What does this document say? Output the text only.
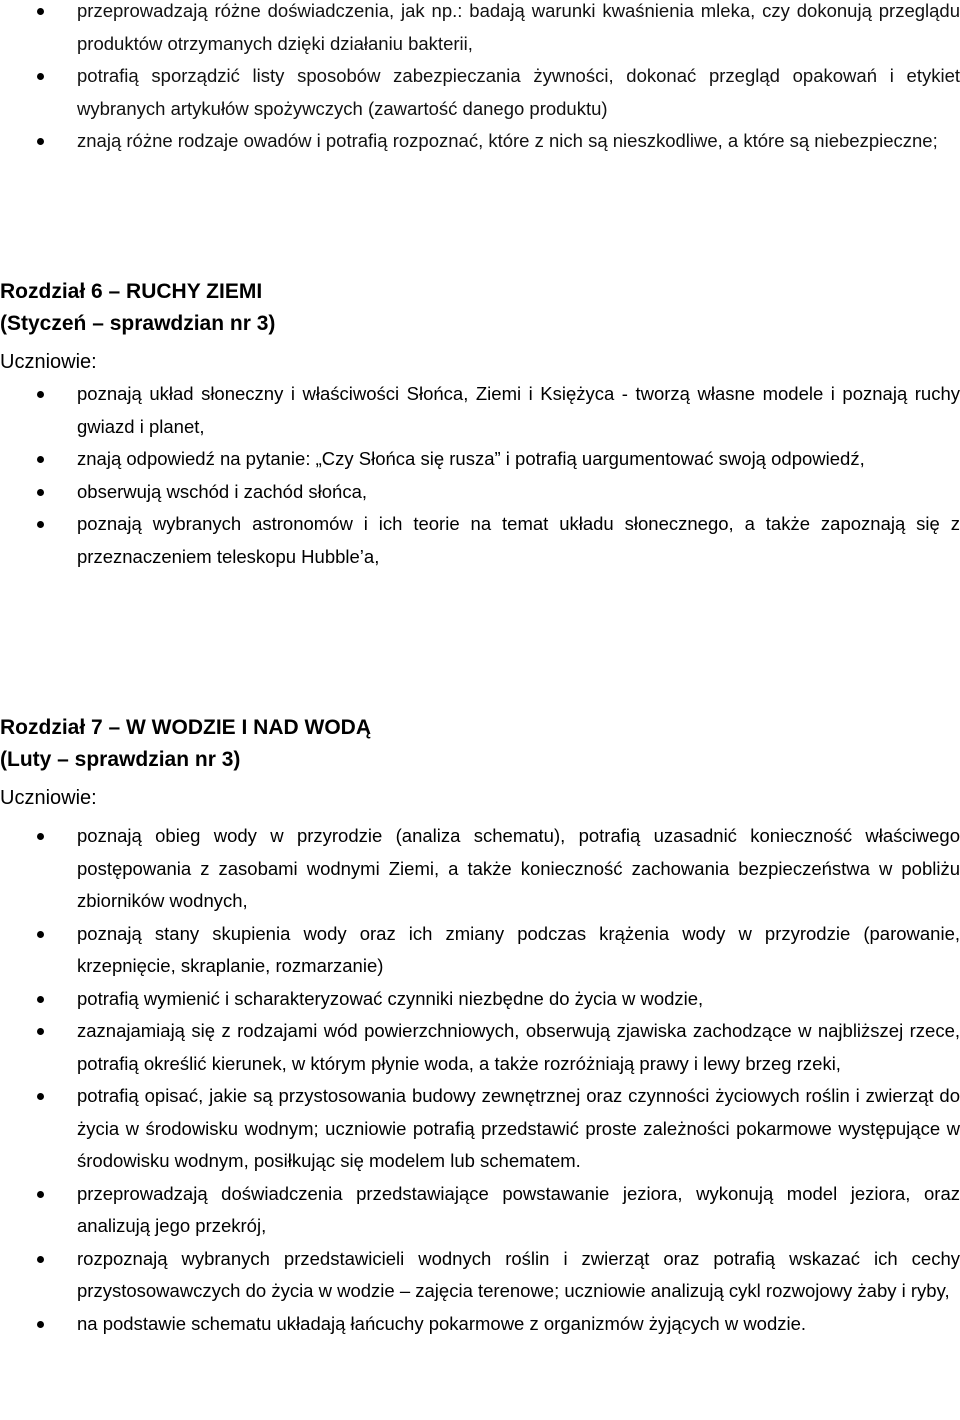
przeprowadzają różne doświadczenia, jak np.: badają warunki kwaśnienia mleka, czy dokonują przeglądu produktów otrzymanych dzięki działaniu bakterii,
potrafią sporządzić listy sposobów zabezpieczania żywności, dokonać przegląd opakowań i etykiet wybranych artykułów spożywczych (zawartość danego produktu)
znają różne rodzaje owadów i potrafią rozpoznać, które z nich są nieszkodliwe, a które są niebezpieczne;
Rozdział 6 – RUCHY ZIEMI
(Styczeń – sprawdzian nr 3)
Uczniowie:
poznają układ słoneczny i właściwości Słońca, Ziemi i Księżyca - tworzą własne modele i poznają ruchy gwiazd i planet,
znają odpowiedź na pytanie: „Czy Słońca się rusza” i potrafią uargumentować swoją odpowiedź,
obserwują wschód i zachód słońca,
poznają wybranych astronomów i ich teorie na temat układu słonecznego, a także zapoznają się z przeznaczeniem teleskopu Hubble’a,
Rozdział 7 – W WODZIE I NAD WODĄ
(Luty – sprawdzian nr 3)
Uczniowie:
poznają obieg wody w przyrodzie (analiza schematu), potrafią uzasadnić konieczność właściwego postępowania z zasobami wodnymi Ziemi, a także konieczność zachowania bezpieczeństwa w pobliżu zbiorników wodnych,
poznają stany skupienia wody oraz ich zmiany podczas krążenia wody w przyrodzie (parowanie, krzepnięcie, skraplanie, rozmarzanie)
potrafią wymienić i scharakteryzować czynniki niezbędne do życia w wodzie,
zaznajamiają się z rodzajami wód powierzchniowych, obserwują zjawiska zachodzące w najbliższej rzece, potrafią określić kierunek, w którym płynie woda, a także rozróżniają prawy i lewy brzeg rzeki,
potrafią opisać, jakie są przystosowania budowy zewnętrznej oraz czynności życiowych roślin i zwierząt do życia w środowisku wodnym; uczniowie potrafią przedstawić proste zależności pokarmowe występujące w środowisku wodnym, posiłkując się modelem lub schematem.
przeprowadzają doświadczenia przedstawiające powstawanie jeziora, wykonują model jeziora, oraz analizują jego przekrój,
rozpoznają wybranych przedstawicieli wodnych roślin i zwierząt oraz potrafią wskazać ich cechy przystosowawczych do życia w wodzie – zajęcia terenowe; uczniowie analizują cykl rozwojowy żaby i ryby,
na podstawie schematu układają łańcuchy pokarmowe z organizmów żyjących w wodzie.
